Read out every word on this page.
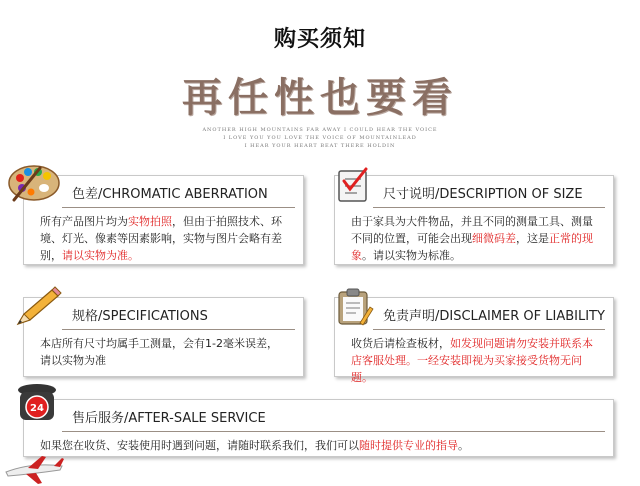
购买须知
再任性也要看
ANOTHER HIGH MOUNTAINS FAR AWAY I COULD HEAR THE VOICE
I LOVE YOU YOU LOVE THE VOICE OF MOUNTAINLEAD
I HEAR YOUR HEART BEAT THERE HOLDIN
色差/CHROMATIC ABERRATION
所有产品图片均为实物拍照，但由于拍照技术、环境、灯光、像素等因素影响，实物与图片会略有差别，请以实物为准。
尺寸说明/DESCRIPTION OF SIZE
由于家具为大件物品，并且不同的测量工具、测量不同的位置，可能会出现细微码差，这是正常的现象。请以实物为标准。
规格/SPECIFICATIONS
本店所有尺寸均属手工测量，会有1-2毫米误差，请以实物为准
免责声明/DISCLAIMER OF LIABILITY
收货后请检查板材，如发现问题请勿安装并联系本店客服处理。一经安装即视为买家接受货物无问题。
售后服务/AFTER-SALE SERVICE
如果您在收货、安装使用时遇到问题，请随时联系我们，我们可以随时提供专业的指导。
24
